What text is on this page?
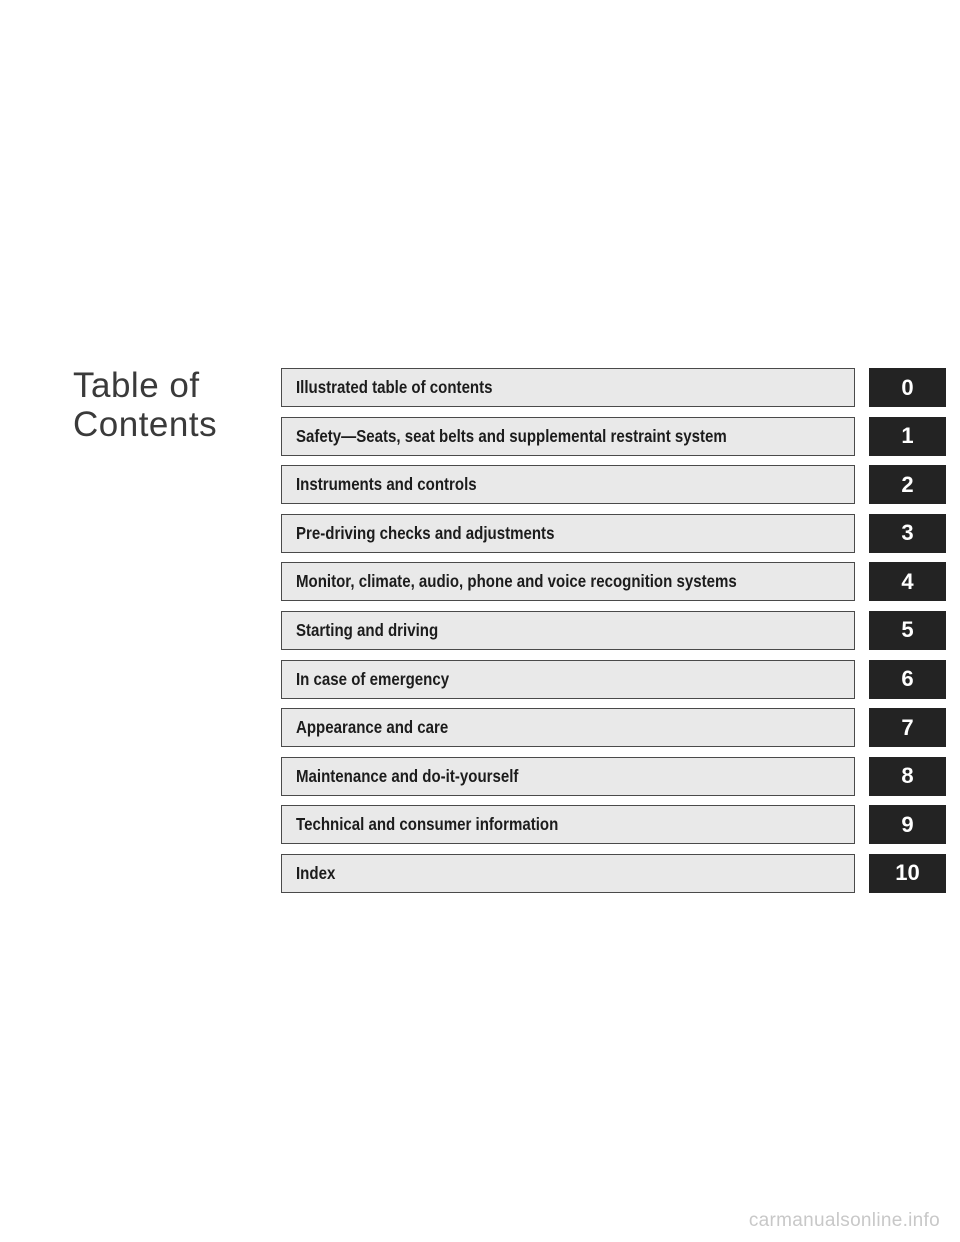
Table of
Contents
Illustrated table of contents	0
Safety—Seats, seat belts and supplemental restraint system	1
Instruments and controls	2
Pre-driving checks and adjustments	3
Monitor, climate, audio, phone and voice recognition systems	4
Starting and driving	5
In case of emergency	6
Appearance and care	7
Maintenance and do-it-yourself	8
Technical and consumer information	9
Index	10
carmanualsonline.info
